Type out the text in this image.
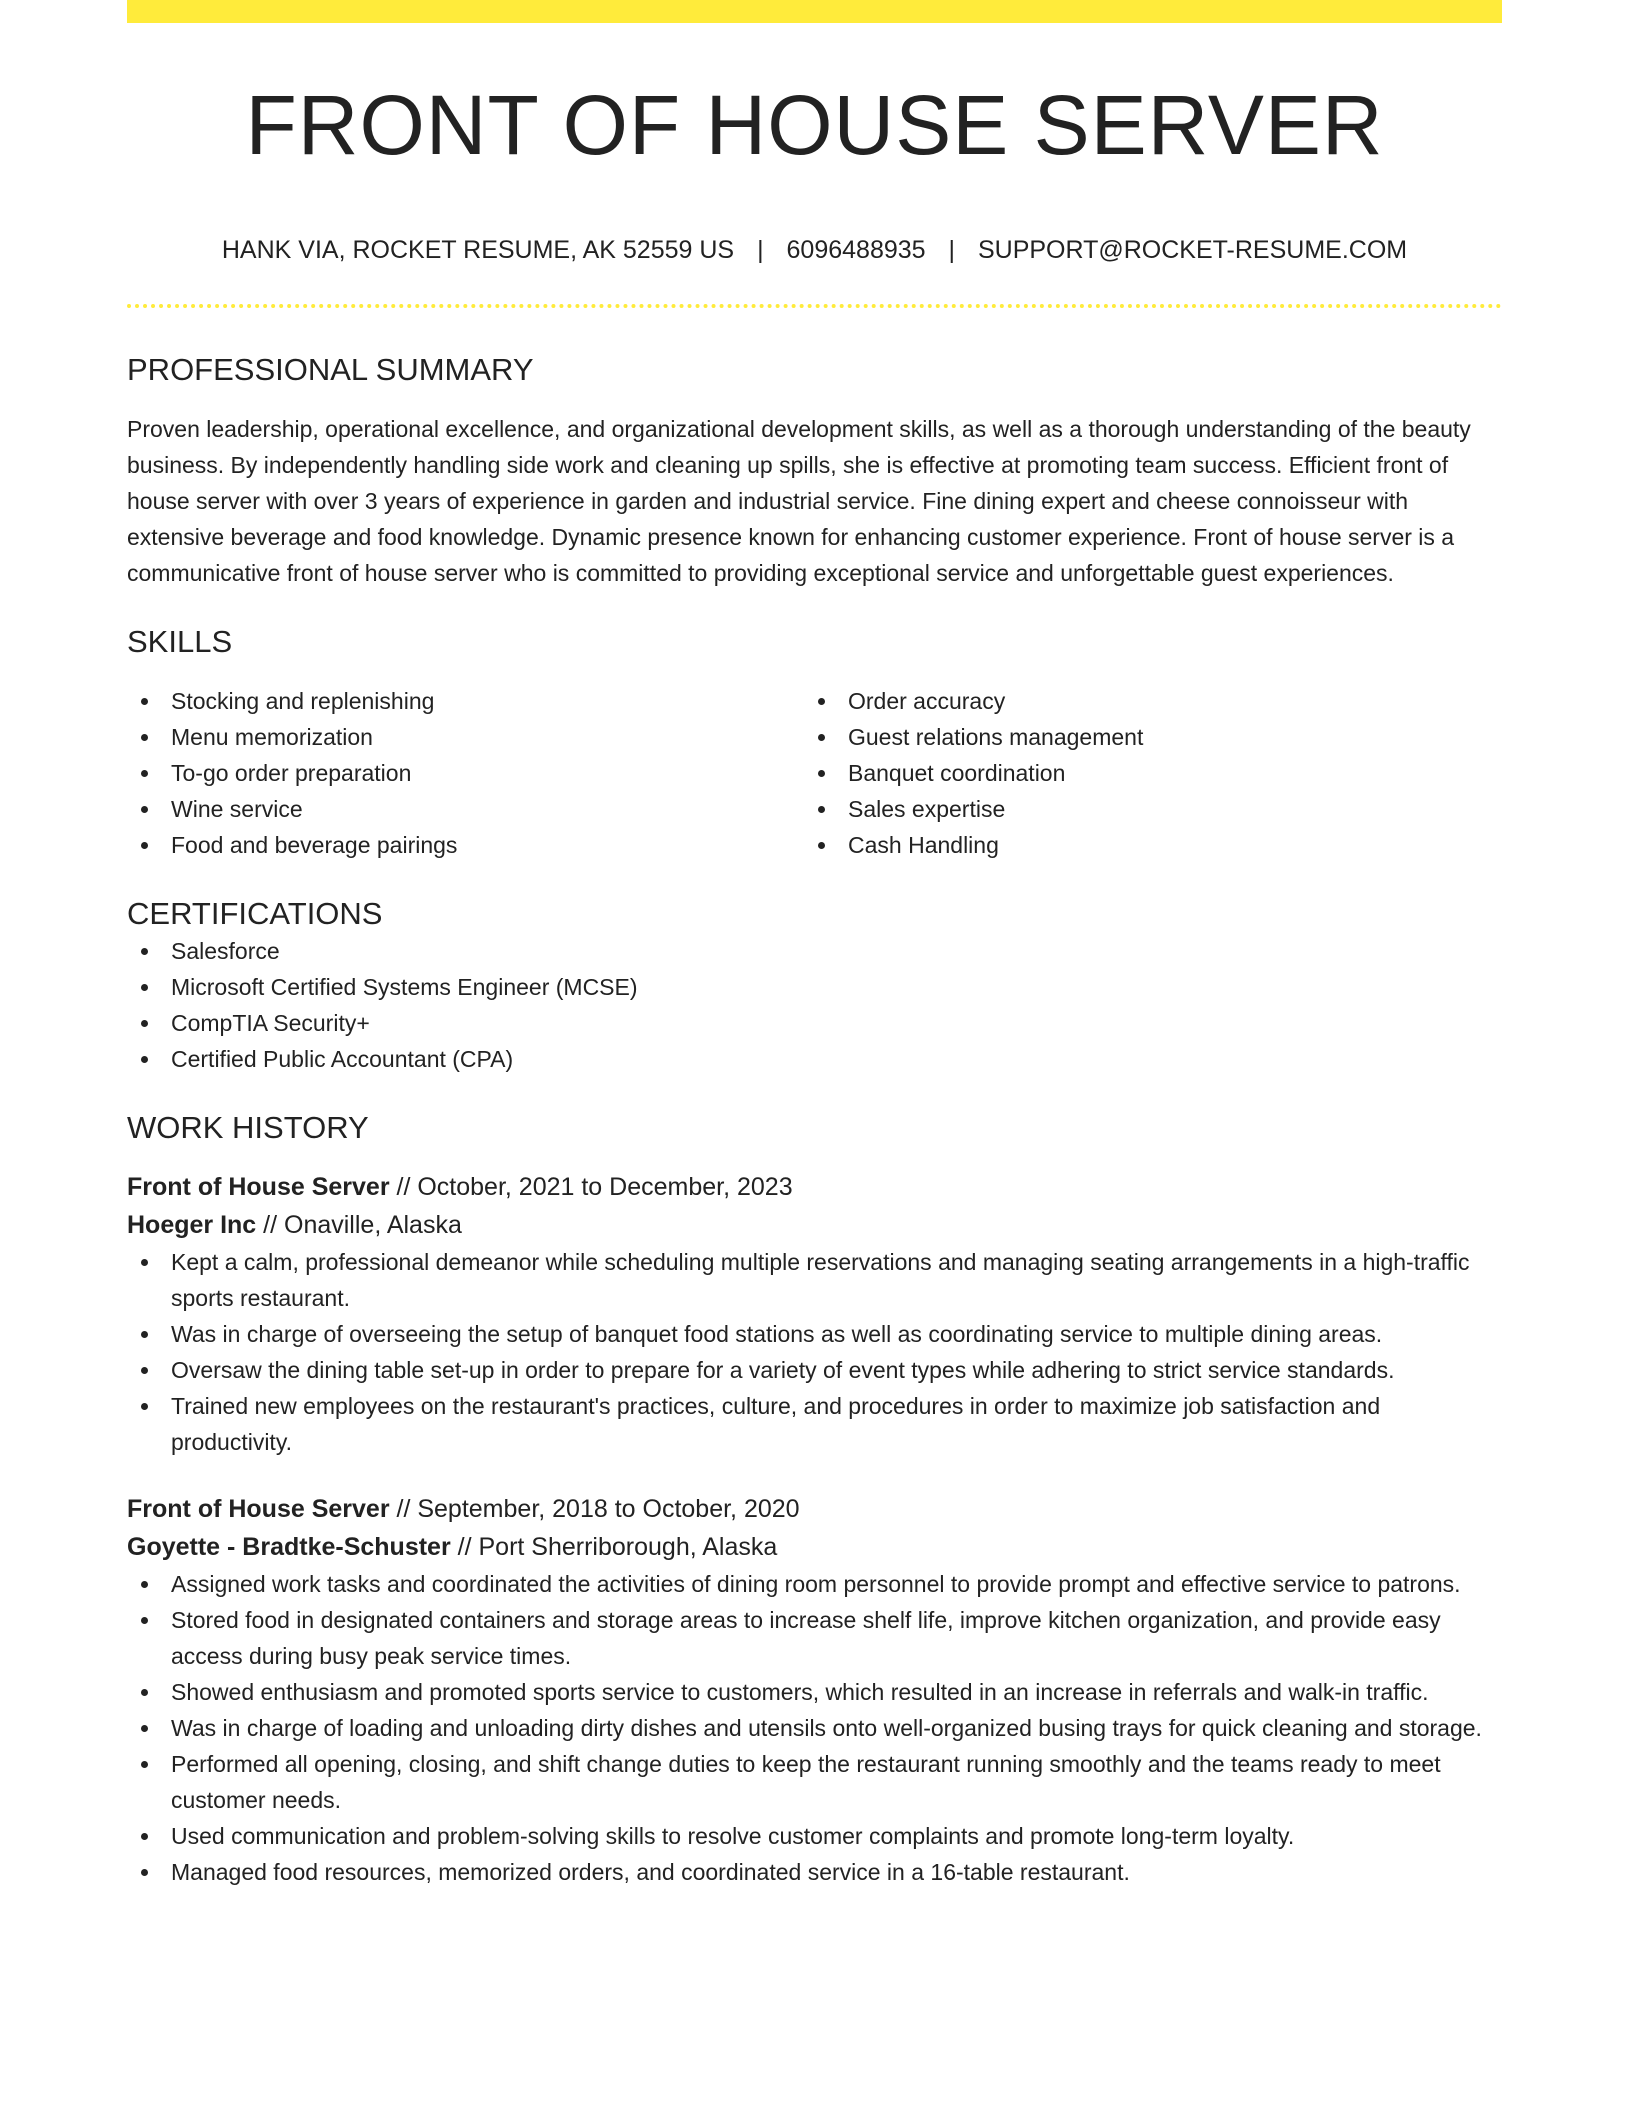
FRONT OF HOUSE SERVER
HANK VIA, ROCKET RESUME, AK 52559 US | 6096488935 | SUPPORT@ROCKET-RESUME.COM
PROFESSIONAL SUMMARY

Proven leadership, operational excellence, and organizational development skills, as well as a thorough understanding of the beauty business. By independently handling side work and cleaning up spills, she is effective at promoting team success. Efficient front of house server with over 3 years of experience in garden and industrial service. Fine dining expert and cheese connoisseur with extensive beverage and food knowledge. Dynamic presence known for enhancing customer experience. Front of house server is a communicative front of house server who is committed to providing exceptional service and unforgettable guest experiences.

SKILLS
Stocking and replenishing
Menu memorization
To-go order preparation
Wine service
Food and beverage pairings
Order accuracy
Guest relations management
Banquet coordination
Sales expertise
Cash Handling
CERTIFICATIONS
Salesforce
Microsoft Certified Systems Engineer (MCSE)
CompTIA Security+
Certified Public Accountant (CPA)
WORK HISTORY
Front of House Server // October, 2021 to December, 2023
Hoeger Inc // Onaville, Alaska
Kept a calm, professional demeanor while scheduling multiple reservations and managing seating arrangements in a high-traffic sports restaurant.
Was in charge of overseeing the setup of banquet food stations as well as coordinating service to multiple dining areas.
Oversaw the dining table set-up in order to prepare for a variety of event types while adhering to strict service standards.
Trained new employees on the restaurant's practices, culture, and procedures in order to maximize job satisfaction and productivity.
Front of House Server // September, 2018 to October, 2020
Goyette - Bradtke-Schuster // Port Sherriborough, Alaska
Assigned work tasks and coordinated the activities of dining room personnel to provide prompt and effective service to patrons.
Stored food in designated containers and storage areas to increase shelf life, improve kitchen organization, and provide easy access during busy peak service times.
Showed enthusiasm and promoted sports service to customers, which resulted in an increase in referrals and walk-in traffic.
Was in charge of loading and unloading dirty dishes and utensils onto well-organized busing trays for quick cleaning and storage.
Performed all opening, closing, and shift change duties to keep the restaurant running smoothly and the teams ready to meet customer needs.
Used communication and problem-solving skills to resolve customer complaints and promote long-term loyalty.
Managed food resources, memorized orders, and coordinated service in a 16-table restaurant.
